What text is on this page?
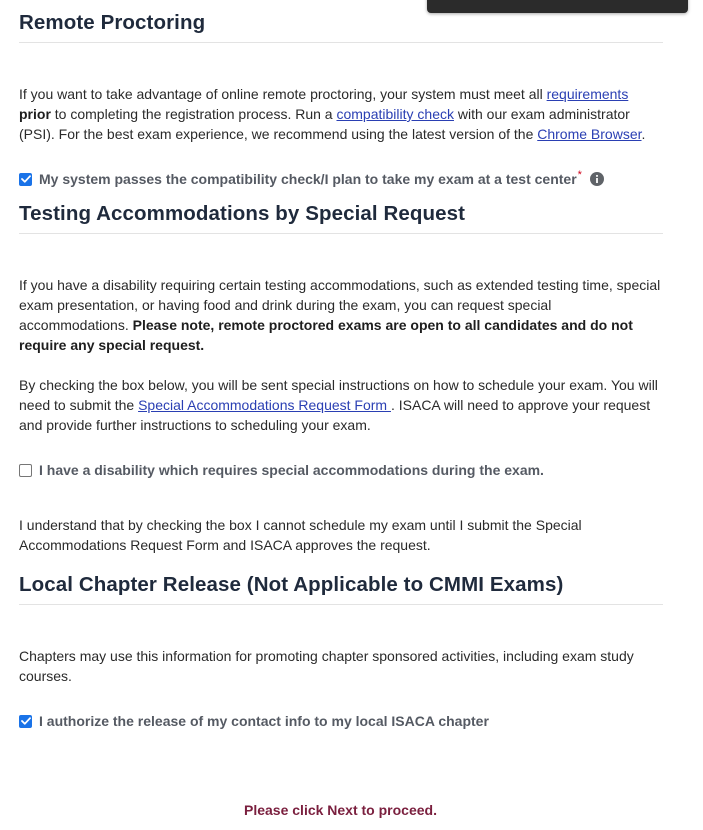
Remote Proctoring

If you want to take advantage of online remote proctoring, your system must meet all requirements prior to completing the registration process. Run a compatibility check with our exam administrator (PSI). For the best exam experience, we recommend using the latest version of the Chrome Browser.

My system passes the compatibility check/I plan to take my exam at a test center*
Testing Accommodations by Special Request

If you have a disability requiring certain testing accommodations, such as extended testing time, special exam presentation, or having food and drink during the exam, you can request special accommodations. Please note, remote proctored exams are open to all candidates and do not require any special request.

By checking the box below, you will be sent special instructions on how to schedule your exam. You will need to submit the Special Accommodations Request Form . ISACA will need to approve your request and provide further instructions to scheduling your exam.

I have a disability which requires special accommodations during the exam.

I understand that by checking the box I cannot schedule my exam until I submit the Special Accommodations Request Form and ISACA approves the request.

Local Chapter Release (Not Applicable to CMMI Exams)

Chapters may use this information for promoting chapter sponsored activities, including exam study courses.

I authorize the release of my contact info to my local ISACA chapter
Please click Next to proceed.
